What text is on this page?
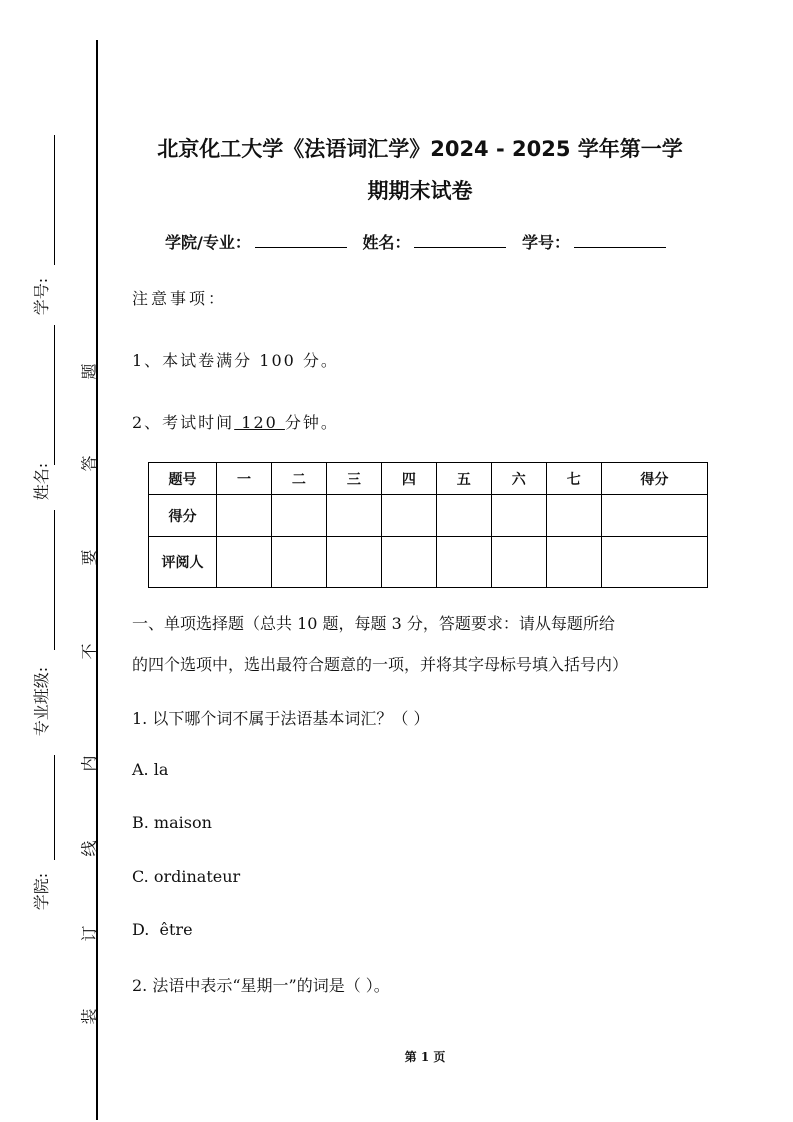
学号:
姓名:
专业班级:
学院:
装
订
线
内
不
要
答
题
北京化工大学《法语词汇学》2024 - 2025 学年第一学
期期末试卷
学院/专业：	姓名：	学号：
注意事项：
1、本试卷满分 100 分。
2、考试时间 120 分钟。
题号	一	二	三	四	五	六	七	得分
得分								
评阅人								
一、单项选择题（总共 10 题，每题 3 分，答题要求：请从每题所给
的四个选项中，选出最符合题意的一项，并将其字母标号填入括号内）
1. 以下哪个词不属于法语基本词汇？（ ）
A. la
B. maison
C. ordinateur
D.  être
2. 法语中表示“星期一”的词是（ ）。
第 1 页
